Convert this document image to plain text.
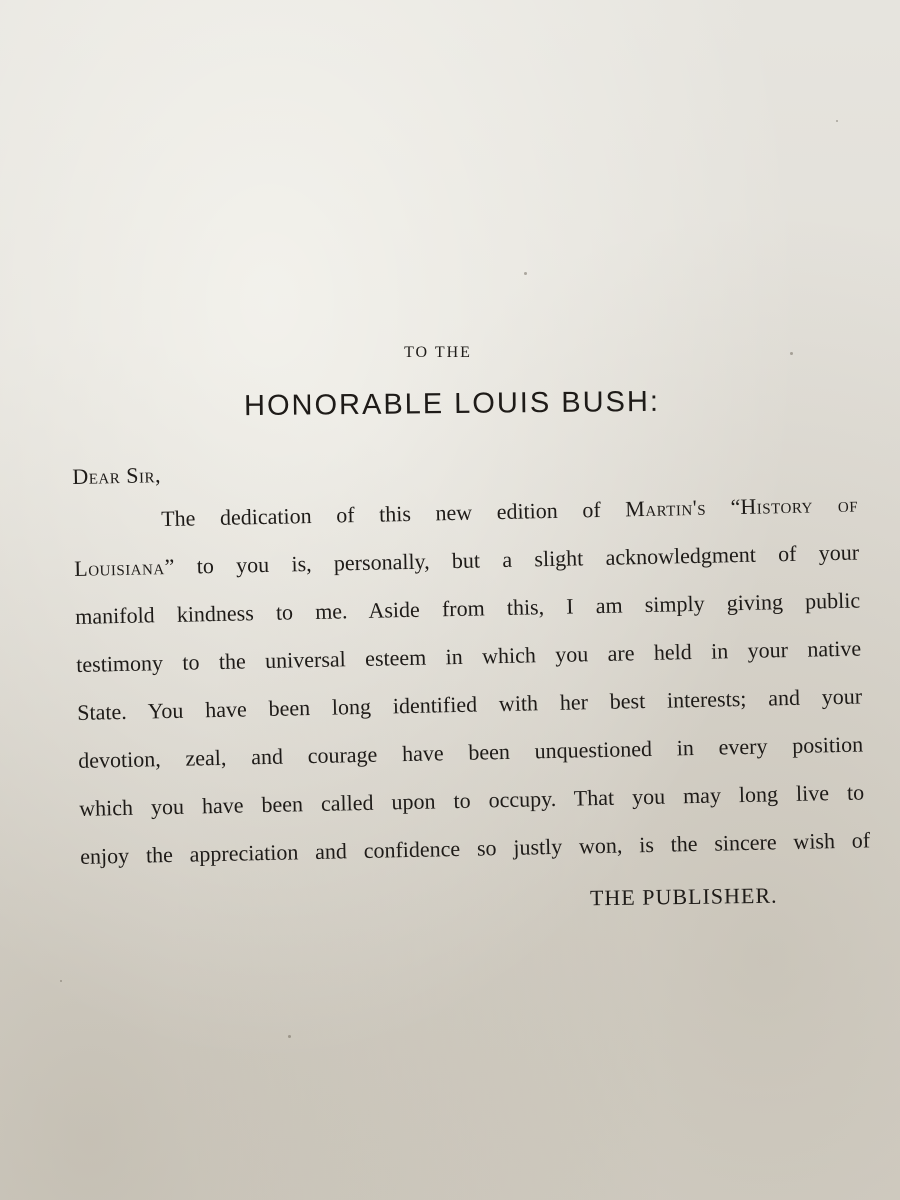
TO THE
HONORABLE LOUIS BUSH:
Dear Sir,
The dedication of this new edition of Martin's “History of
Louisiana” to you is, personally, but a slight acknowledgment of your
manifold kindness to me. Aside from this, I am simply giving public
testimony to the universal esteem in which you are held in your native
State. You have been long identified with her best interests; and your
devotion, zeal, and courage have been unquestioned in every position
which you have been called upon to occupy. That you may long live to
enjoy the appreciation and confidence so justly won, is the sincere wish of
THE PUBLISHER.
